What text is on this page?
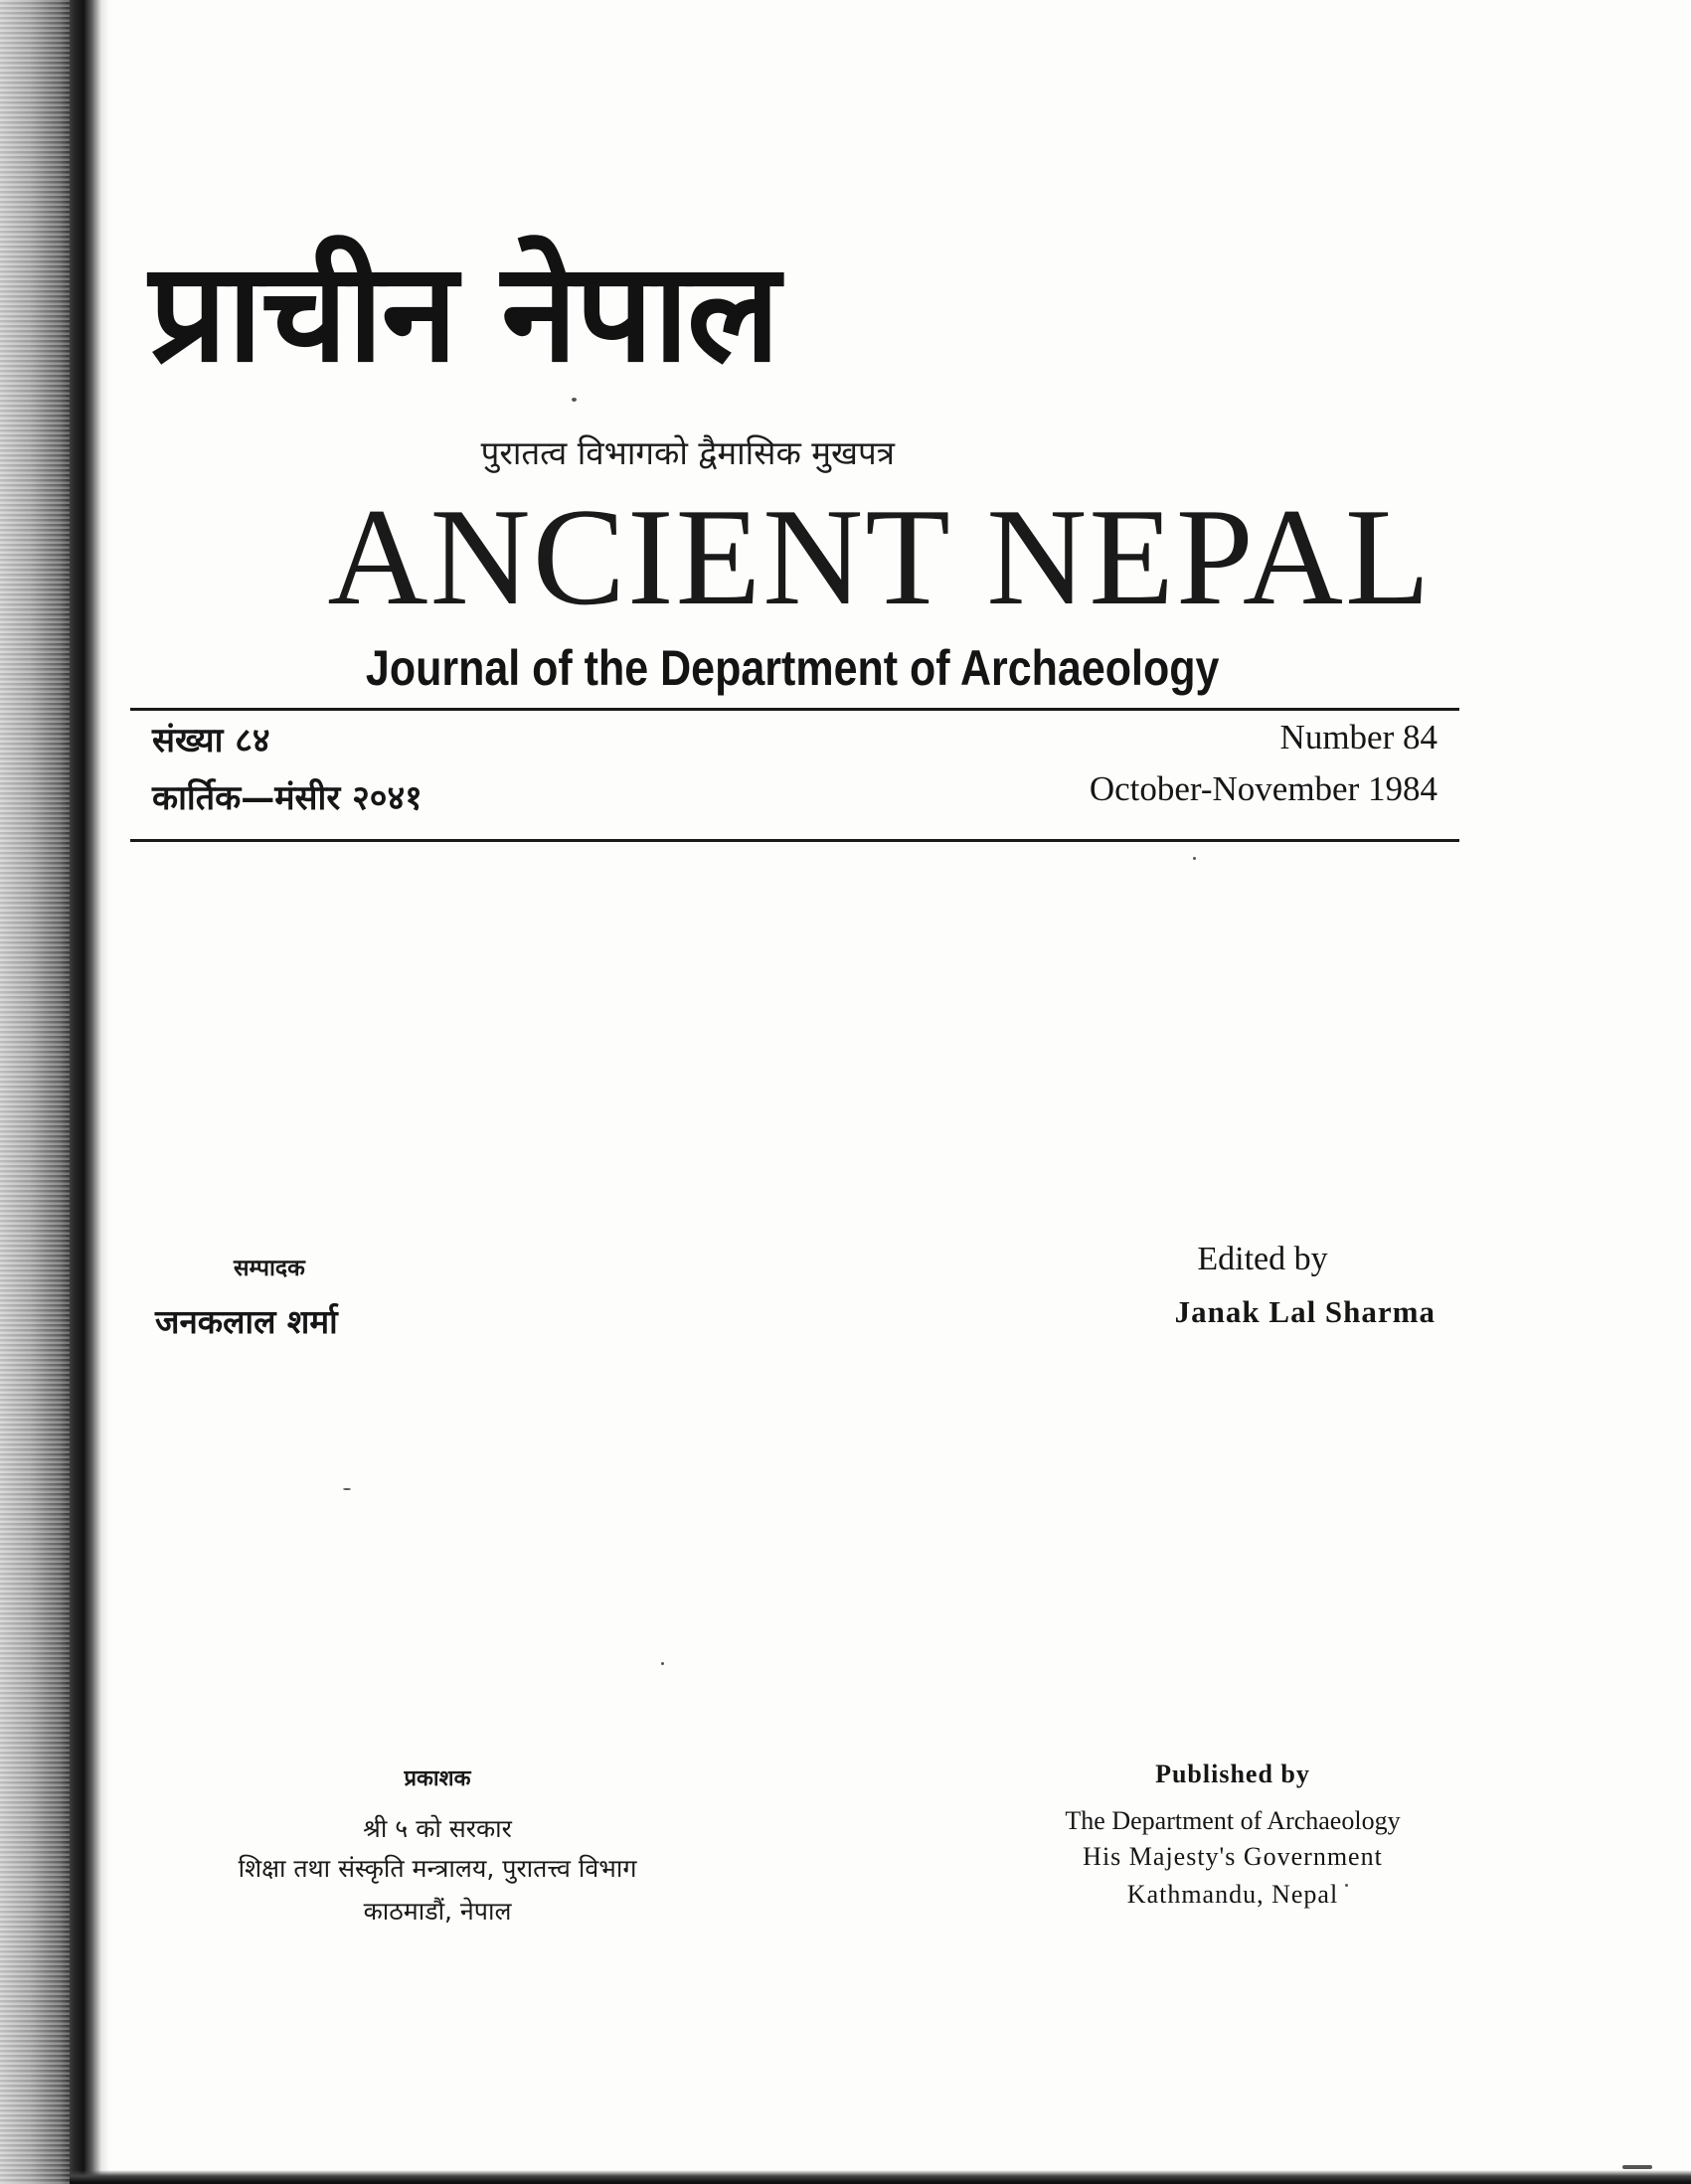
प्राचीन नेपाल
पुरातत्व विभागको द्वैमासिक मुखपत्र
ANCIENT NEPAL
Journal of the Department of Archaeology
संख्या ८४
कार्तिक—मंसीर २०४१
Number 84
October-November 1984
सम्पादक
जनकलाल शर्मा
Edited by
Janak Lal Sharma
प्रकाशक
श्री ५ को सरकार
शिक्षा तथा संस्कृति मन्त्रालय, पुरातत्त्व विभाग
काठमाडौं, नेपाल
Published by
The Department of Archaeology
His Majesty's Government
Kathmandu, Nepal
